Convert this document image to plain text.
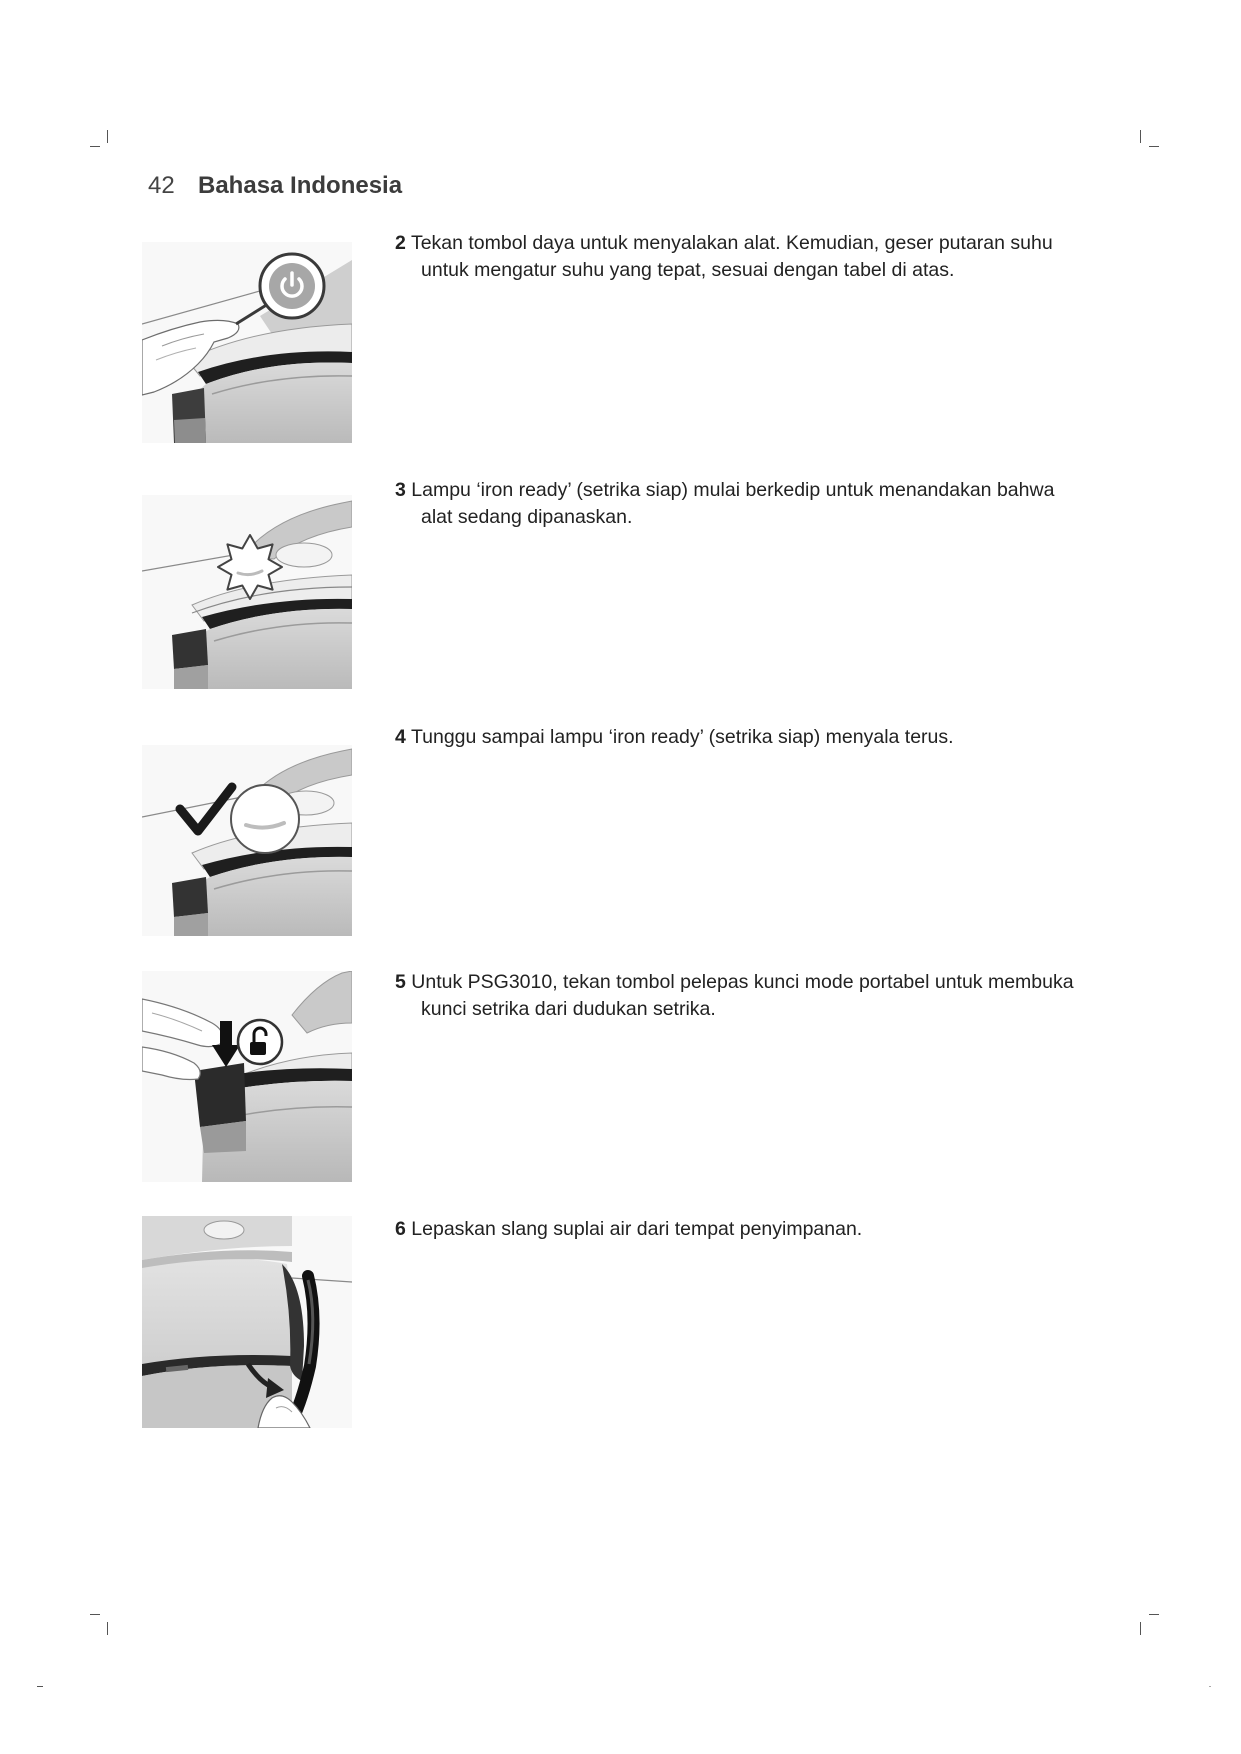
42 Bahasa Indonesia
2 Tekan tombol daya untuk menyalakan alat. Kemudian, geser putaran suhu
untuk mengatur suhu yang tepat, sesuai dengan tabel di atas.
3 Lampu ‘iron ready’ (setrika siap) mulai berkedip untuk menandakan bahwa
alat sedang dipanaskan.
4 Tunggu sampai lampu ‘iron ready’ (setrika siap) menyala terus.
5 Untuk PSG3010, tekan tombol pelepas kunci mode portabel untuk membuka
kunci setrika dari dudukan setrika.
6 Lepaskan slang suplai air dari tempat penyimpanan.
